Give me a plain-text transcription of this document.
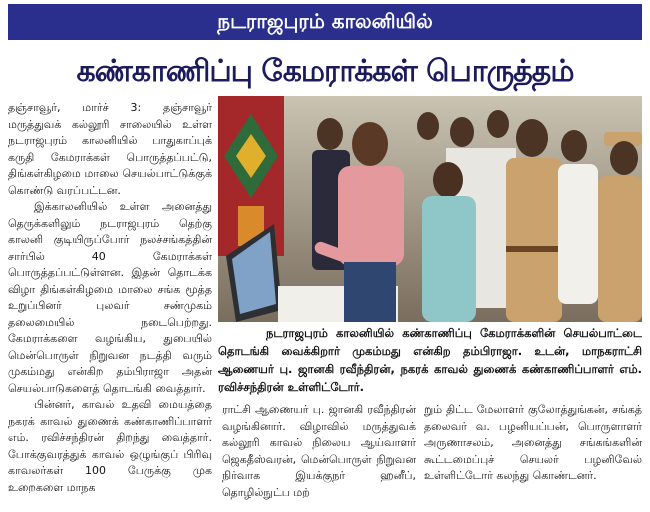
நடராஜபுரம் காலனியில்
கண்காணிப்பு கேமராக்கள் பொருத்தம்

தஞ்சாவூர், மார்ச் 3: தஞ்சாவூர் மருத்துவக் கல்லூரி சாலையில் உள்ள நடராஜபுரம் காலனியில் பாதுகாப்புக் கருதி கேமராக்கள் பொருத்தப்பட்டு, திங்கள்கிழமை மாலை செயல்பாட்டுக்குக் கொண்டு வரப்பட்டன.

இக்காலனியில் உள்ள அனைத்து தெருக்களிலும் நடராஜபுரம் தெற்கு காலனி குடியிருப்போர் நலச்சங்கத்தின் சார்பில் 40 கேமராக்கள் பொருத்தப்பட்டுள்ளன. இதன் தொடக்க விழா திங்கள்கிழமை மாலை சங்க மூத்த உறுப்பினர் புலவர் சண்முகம் தலைமையில் நடைபெற்றது. கேமராக்களை வழங்கிய, துபையில் மென்பொருள் நிறுவன நடத்தி வரும் முகம்மது என்கிற தம்பிராஜா அதன் செயல்பாடுகளைத் தொடங்கி வைத்தார்.

பின்னர், காவல் உதவி மையத்தை நகரக் காவல் துணைக் கண்காணிப்பாளர் எம். ரவிச்சந்திரன் திறந்து வைத்தார். போக்குவரத்துக் காவல் ஒழுங்குப் பிரிவு காவலர்கள் 100 பேருக்கு முக உறைகளை மாநக

நடராஜபுரம் காலனியில் கண்காணிப்பு கேமராக்களின் செயல்பாட்டை தொடங்கி வைக்கிறார் முகம்மது என்கிற தம்பிராஜா. உடன், மாநகராட்சி ஆணையர் பு. ஜானகி ரவீந்திரன், நகரக் காவல் துணைக் கண்காணிப்பாளர் எம். ரவிச்சந்திரன் உள்ளிட்டோர்.

ராட்சி ஆணையர் பு. ஜானகி ரவீந்திரன் வழங்கினார். விழாவில் மருத்துவக் கல்லூரி காவல் நிலைய ஆய்வாளர் ஜெகதீஸ்வரன், மென்பொருள் நிறுவன நிர்வாக இயக்குநர் ஹனீப், தொழில்நுட்ப மற்

றும் திட்ட மேலாளர் குலோத்துங்கன், சங்கத் தலைவர் வ. பழனியப்பன், பொருளாளர் அருணாசலம், அனைத்து சங்கங்களின் கூட்டமைப்புச் செயலர் பழனிவேல் உள்ளிட்டோர் கலந்து கொண்டனர்.
